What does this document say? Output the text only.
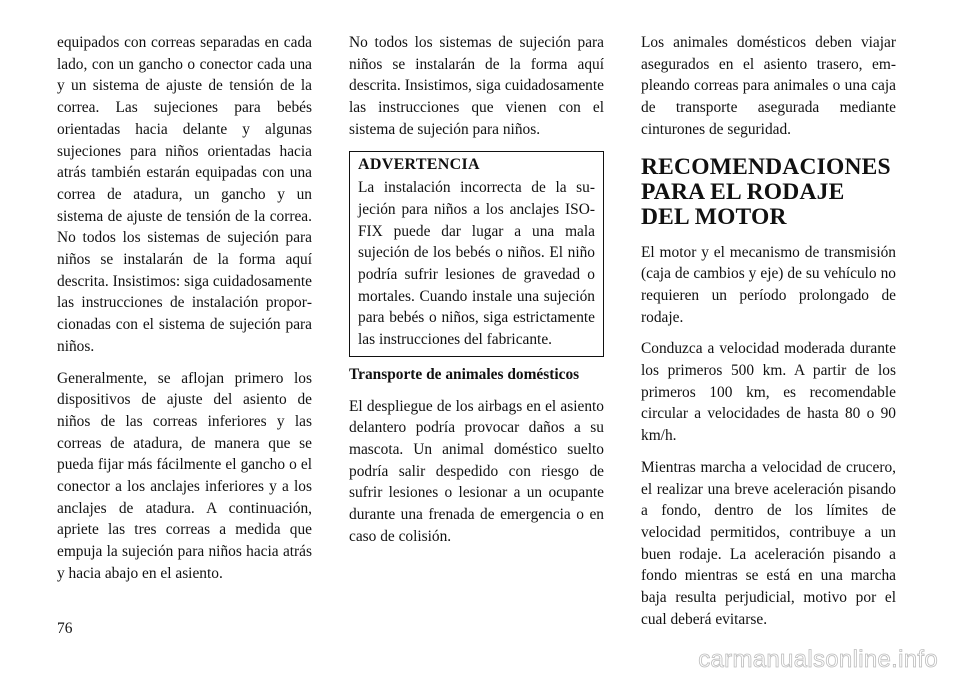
equipados con correas separadas en cada lado, con un gancho o conector cada una y un sistema de ajuste de tensión de la correa. Las sujeciones para bebés orientadas hacia delante y algunas sujeciones para niños orientadas hacia atrás también estarán equipadas con una correa de atadura, un gancho y un sistema de ajuste de tensión de la correa. No todos los sistemas de sujeción para niños se instalarán de la forma aquí descrita. Insistimos: siga cuidadosamente las instrucciones de instalación proporcionadas con el sistema de sujeción para niños.

Generalmente, se aflojan primero los dispositivos de ajuste del asiento de niños de las correas inferiores y las correas de atadura, de manera que se pueda fijar más fácilmente el gancho o el conector a los anclajes inferiores y a los anclajes de atadura. A continuación, apriete las tres correas a medida que empuja la sujeción para niños hacia atrás y hacia abajo en el asiento.

No todos los sistemas de sujeción para niños se instalarán de la forma aquí descrita. Insistimos, siga cuidadosamente las instrucciones que vienen con el sistema de sujeción para niños.

ADVERTENCIA

La instalación incorrecta de la sujeción para niños a los anclajes ISOFIX puede dar lugar a una mala sujeción de los bebés o niños. El niño podría sufrir lesiones de gravedad o mortales. Cuando instale una sujeción para bebés o niños, siga estrictamente las instrucciones del fabricante.

Transporte de animales domésticos

El despliegue de los airbags en el asiento delantero podría provocar daños a su mascota. Un animal doméstico suelto podría salir despedido con riesgo de sufrir lesiones o lesionar a un ocupante durante una frenada de emergencia o en caso de colisión.

Los animales domésticos deben viajar asegurados en el asiento trasero, empleando correas para animales o una caja de transporte asegurada mediante cinturones de seguridad.

RECOMENDACIONES PARA EL RODAJE DEL MOTOR

El motor y el mecanismo de transmisión (caja de cambios y eje) de su vehículo no requieren un período prolongado de rodaje.

Conduzca a velocidad moderada durante los primeros 500 km. A partir de los primeros 100 km, es recomendable circular a velocidades de hasta 80 o 90 km/h.

Mientras marcha a velocidad de crucero, el realizar una breve aceleración pisando a fondo, dentro de los límites de velocidad permitidos, contribuye a un buen rodaje. La aceleración pisando a fondo mientras se está en una marcha baja resulta perjudicial, motivo por el cual deberá evitarse.

76
carmanualsonline.info
